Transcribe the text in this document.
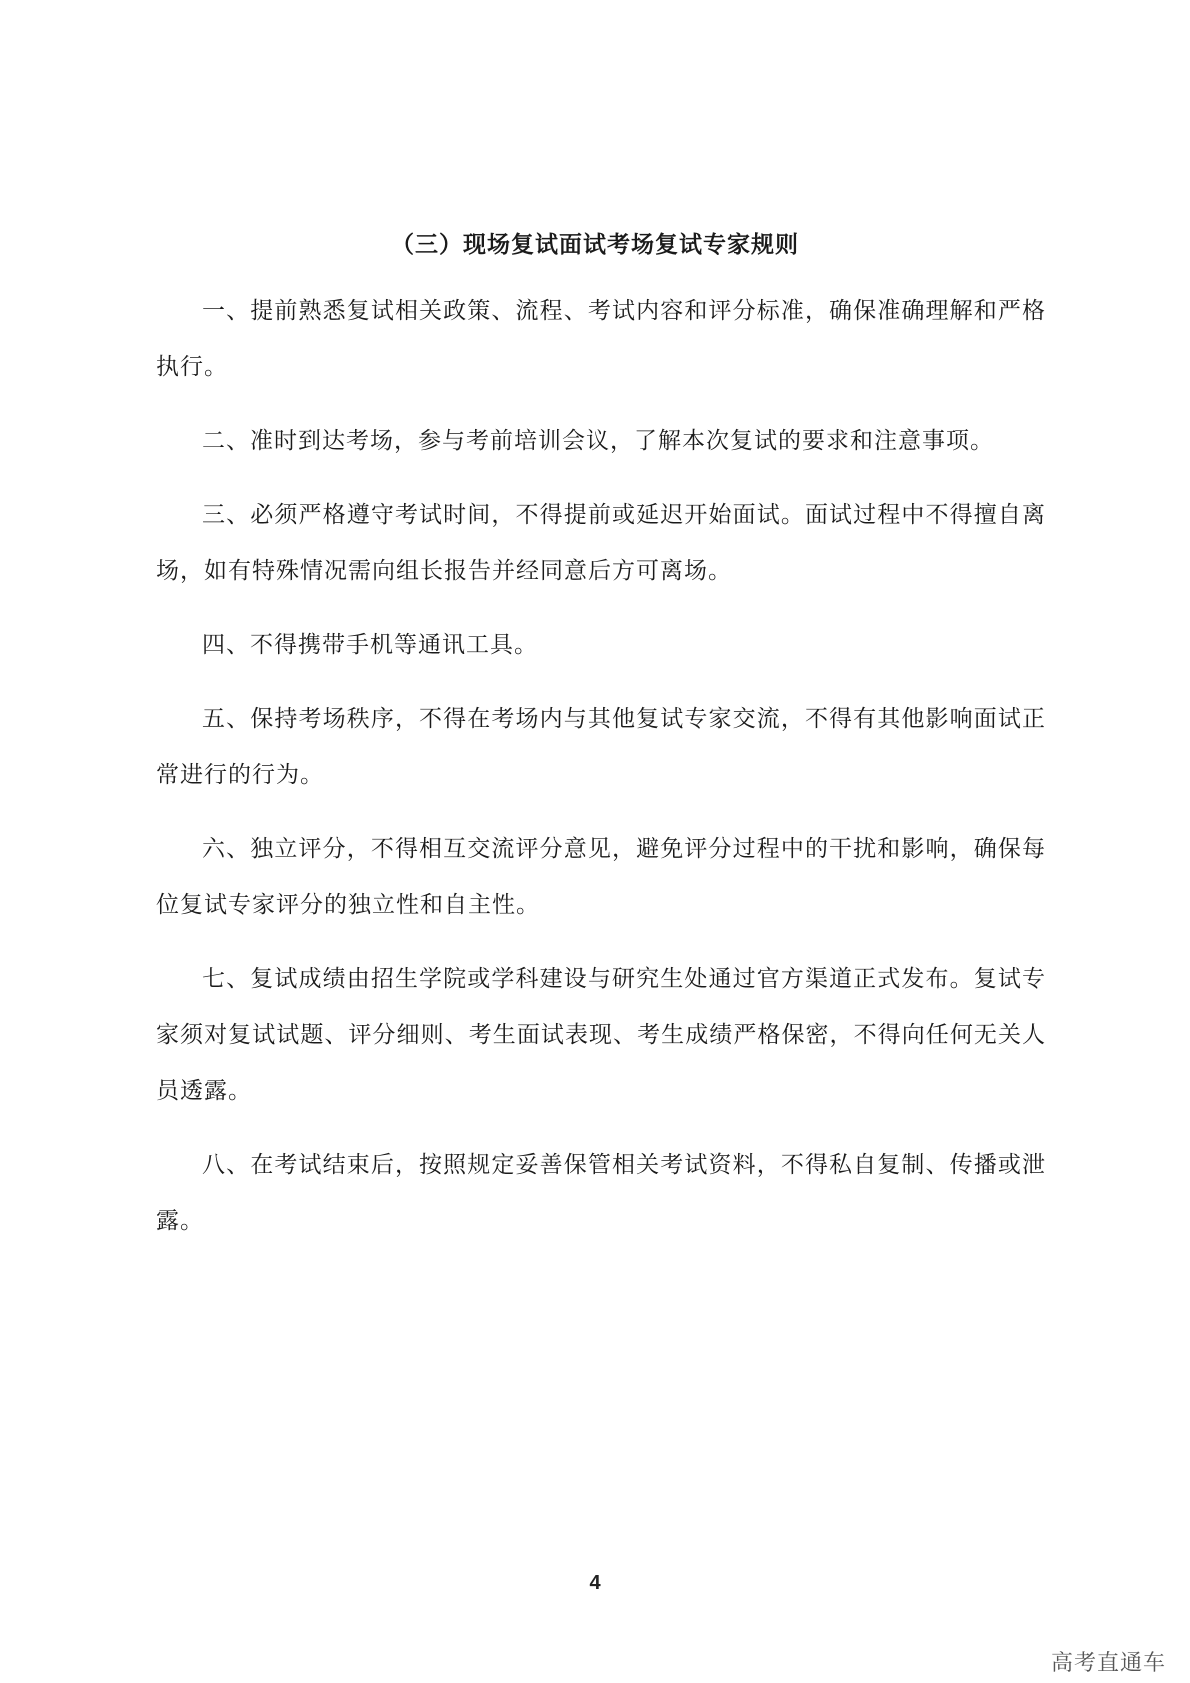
（三）现场复试面试考场复试专家规则

一、提前熟悉复试相关政策、流程、考试内容和评分标准，确保准确理解和严格执行。

二、准时到达考场，参与考前培训会议，了解本次复试的要求和注意事项。

三、必须严格遵守考试时间，不得提前或延迟开始面试。面试过程中不得擅自离场，如有特殊情况需向组长报告并经同意后方可离场。

四、不得携带手机等通讯工具。

五、保持考场秩序，不得在考场内与其他复试专家交流，不得有其他影响面试正常进行的行为。

六、独立评分，不得相互交流评分意见，避免评分过程中的干扰和影响，确保每位复试专家评分的独立性和自主性。

七、复试成绩由招生学院或学科建设与研究生处通过官方渠道正式发布。复试专家须对复试试题、评分细则、考生面试表现、考生成绩严格保密，不得向任何无关人员透露。

八、在考试结束后，按照规定妥善保管相关考试资料，不得私自复制、传播或泄露。

4
高考直通车
